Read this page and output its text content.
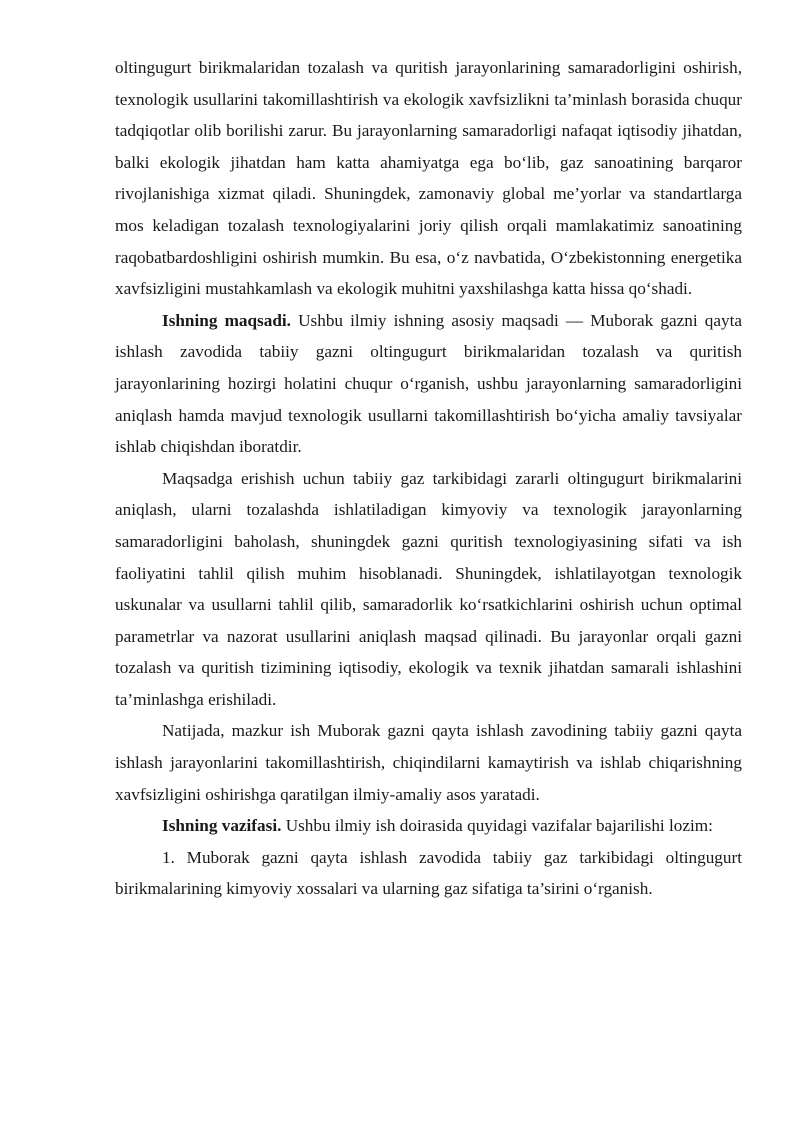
oltingugurt birikmalaridan tozalash va quritish jarayonlarining samaradorligini oshirish, texnologik usullarini takomillashtirish va ekologik xavfsizlikni ta’minlash borasida chuqur tadqiqotlar olib borilishi zarur. Bu jarayonlarning samaradorligi nafaqat iqtisodiy jihatdan, balki ekologik jihatdan ham katta ahamiyatga ega bo‘lib, gaz sanoatining barqaror rivojlanishiga xizmat qiladi. Shuningdek, zamonaviy global me’yorlar va standartlarga mos keladigan tozalash texnologiyalarini joriy qilish orqali mamlakatimiz sanoatining raqobatbardoshligini oshirish mumkin. Bu esa, o‘z navbatida, O‘zbekistonning energetika xavfsizligini mustahkamlash va ekologik muhitni yaxshilashga katta hissa qo‘shadi.

Ishning maqsadi. Ushbu ilmiy ishning asosiy maqsadi — Muborak gazni qayta ishlash zavodida tabiiy gazni oltingugurt birikmalaridan tozalash va quritish jarayonlarining hozirgi holatini chuqur o‘rganish, ushbu jarayonlarning samaradorligini aniqlash hamda mavjud texnologik usullarni takomillashtirish bo‘yicha amaliy tavsiyalar ishlab chiqishdan iboratdir.

Maqsadga erishish uchun tabiiy gaz tarkibidagi zararli oltingugurt birikmalarini aniqlash, ularni tozalashda ishlatiladigan kimyoviy va texnologik jarayonlarning samaradorligini baholash, shuningdek gazni quritish texnologiyasining sifati va ish faoliyatini tahlil qilish muhim hisoblanadi. Shuningdek, ishlatilayotgan texnologik uskunalar va usullarni tahlil qilib, samaradorlik ko‘rsatkichlarini oshirish uchun optimal parametrlar va nazorat usullarini aniqlash maqsad qilinadi. Bu jarayonlar orqali gazni tozalash va quritish tizimining iqtisodiy, ekologik va texnik jihatdan samarali ishlashini ta’minlashga erishiladi.

Natijada, mazkur ish Muborak gazni qayta ishlash zavodining tabiiy gazni qayta ishlash jarayonlarini takomillashtirish, chiqindilarni kamaytirish va ishlab chiqarishning xavfsizligini oshirishga qaratilgan ilmiy-amaliy asos yaratadi.

Ishning vazifasi. Ushbu ilmiy ish doirasida quyidagi vazifalar bajarilishi lozim:

1. Muborak gazni qayta ishlash zavodida tabiiy gaz tarkibidagi oltingugurt birikmalarining kimyoviy xossalari va ularning gaz sifatiga ta’sirini o‘rganish.
